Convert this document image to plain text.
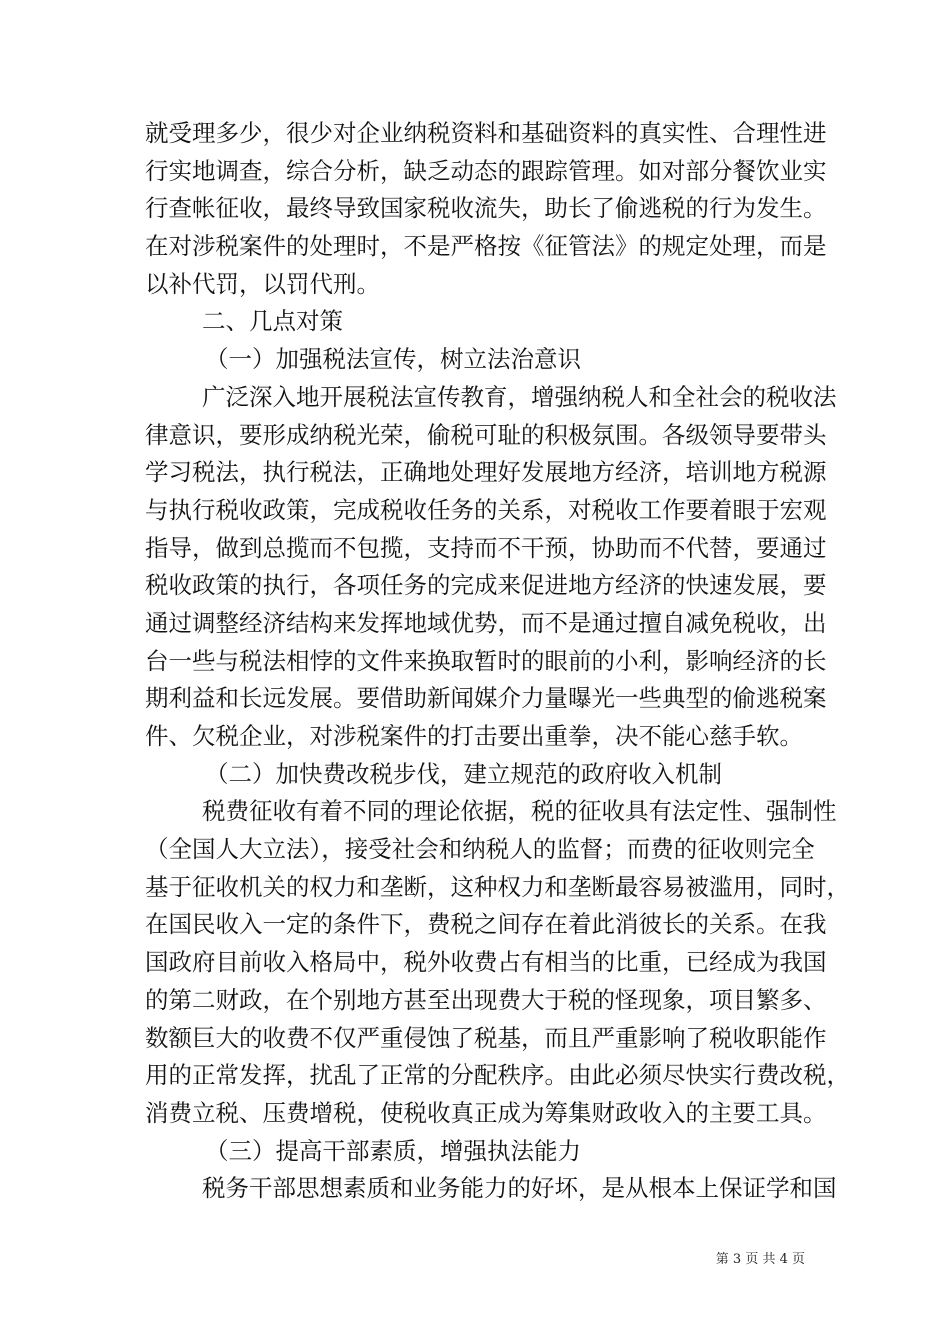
就受理多少，很少对企业纳税资料和基础资料的真实性、合理性进
行实地调查，综合分析，缺乏动态的跟踪管理。如对部分餐饮业实
行查帐征收，最终导致国家税收流失，助长了偷逃税的行为发生。
在对涉税案件的处理时，不是严格按《征管法》的规定处理，而是
以补代罚，以罚代刑。
二、几点对策
（一）加强税法宣传，树立法治意识
广泛深入地开展税法宣传教育，增强纳税人和全社会的税收法
律意识，要形成纳税光荣，偷税可耻的积极氛围。各级领导要带头
学习税法，执行税法，正确地处理好发展地方经济，培训地方税源
与执行税收政策，完成税收任务的关系，对税收工作要着眼于宏观
指导，做到总揽而不包揽，支持而不干预，协助而不代替，要通过
税收政策的执行，各项任务的完成来促进地方经济的快速发展，要
通过调整经济结构来发挥地域优势，而不是通过擅自减免税收，出
台一些与税法相悖的文件来换取暂时的眼前的小利，影响经济的长
期利益和长远发展。要借助新闻媒介力量曝光一些典型的偷逃税案
件、欠税企业，对涉税案件的打击要出重拳，决不能心慈手软。
（二）加快费改税步伐，建立规范的政府收入机制
税费征收有着不同的理论依据，税的征收具有法定性、强制性
（全国人大立法），接受社会和纳税人的监督；而费的征收则完全
基于征收机关的权力和垄断，这种权力和垄断最容易被滥用，同时，
在国民收入一定的条件下，费税之间存在着此消彼长的关系。在我
国政府目前收入格局中，税外收费占有相当的比重，已经成为我国
的第二财政，在个别地方甚至出现费大于税的怪现象，项目繁多、
数额巨大的收费不仅严重侵蚀了税基，而且严重影响了税收职能作
用的正常发挥，扰乱了正常的分配秩序。由此必须尽快实行费改税，
消费立税、压费增税，使税收真正成为筹集财政收入的主要工具。
（三）提高干部素质，增强执法能力
税务干部思想素质和业务能力的好坏，是从根本上保证学和国
第 3 页 共 4 页
